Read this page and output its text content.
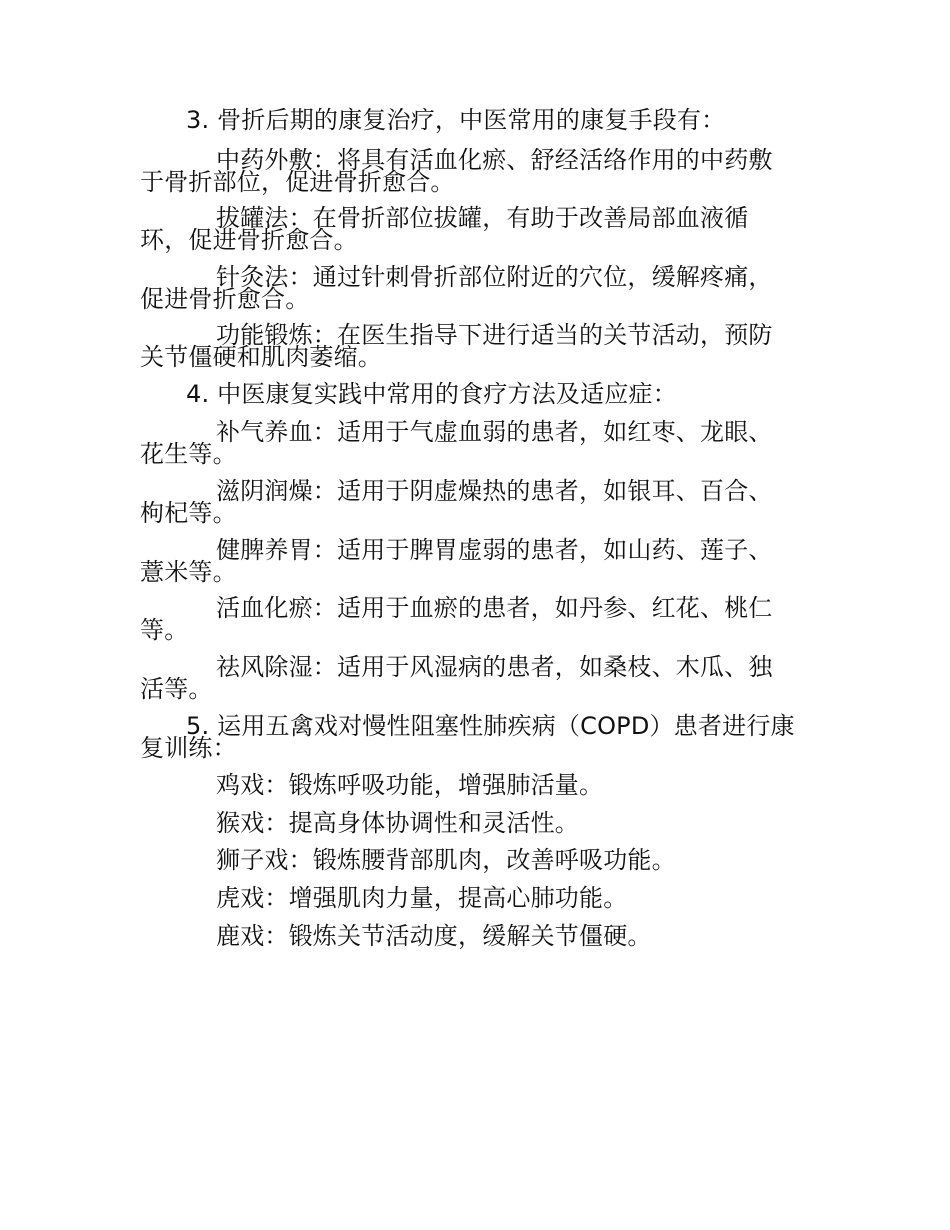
3. 骨折后期的康复治疗，中医常用的康复手段有：
中药外敷：将具有活血化瘀、舒经活络作用的中药敷
于骨折部位，促进骨折愈合。
拔罐法：在骨折部位拔罐，有助于改善局部血液循
环，促进骨折愈合。
针灸法：通过针刺骨折部位附近的穴位，缓解疼痛，
促进骨折愈合。
功能锻炼：在医生指导下进行适当的关节活动，预防
关节僵硬和肌肉萎缩。
4. 中医康复实践中常用的食疗方法及适应症：
补气养血：适用于气虚血弱的患者，如红枣、龙眼、
花生等。
滋阴润燥：适用于阴虚燥热的患者，如银耳、百合、
枸杞等。
健脾养胃：适用于脾胃虚弱的患者，如山药、莲子、
薏米等。
活血化瘀：适用于血瘀的患者，如丹参、红花、桃仁
等。
祛风除湿：适用于风湿病的患者，如桑枝、木瓜、独
活等。
5. 运用五禽戏对慢性阻塞性肺疾病（COPD）患者进行康
复训练：
鸡戏：锻炼呼吸功能，增强肺活量。
猴戏：提高身体协调性和灵活性。
狮子戏：锻炼腰背部肌肉，改善呼吸功能。
虎戏：增强肌肉力量，提高心肺功能。
鹿戏：锻炼关节活动度，缓解关节僵硬。
